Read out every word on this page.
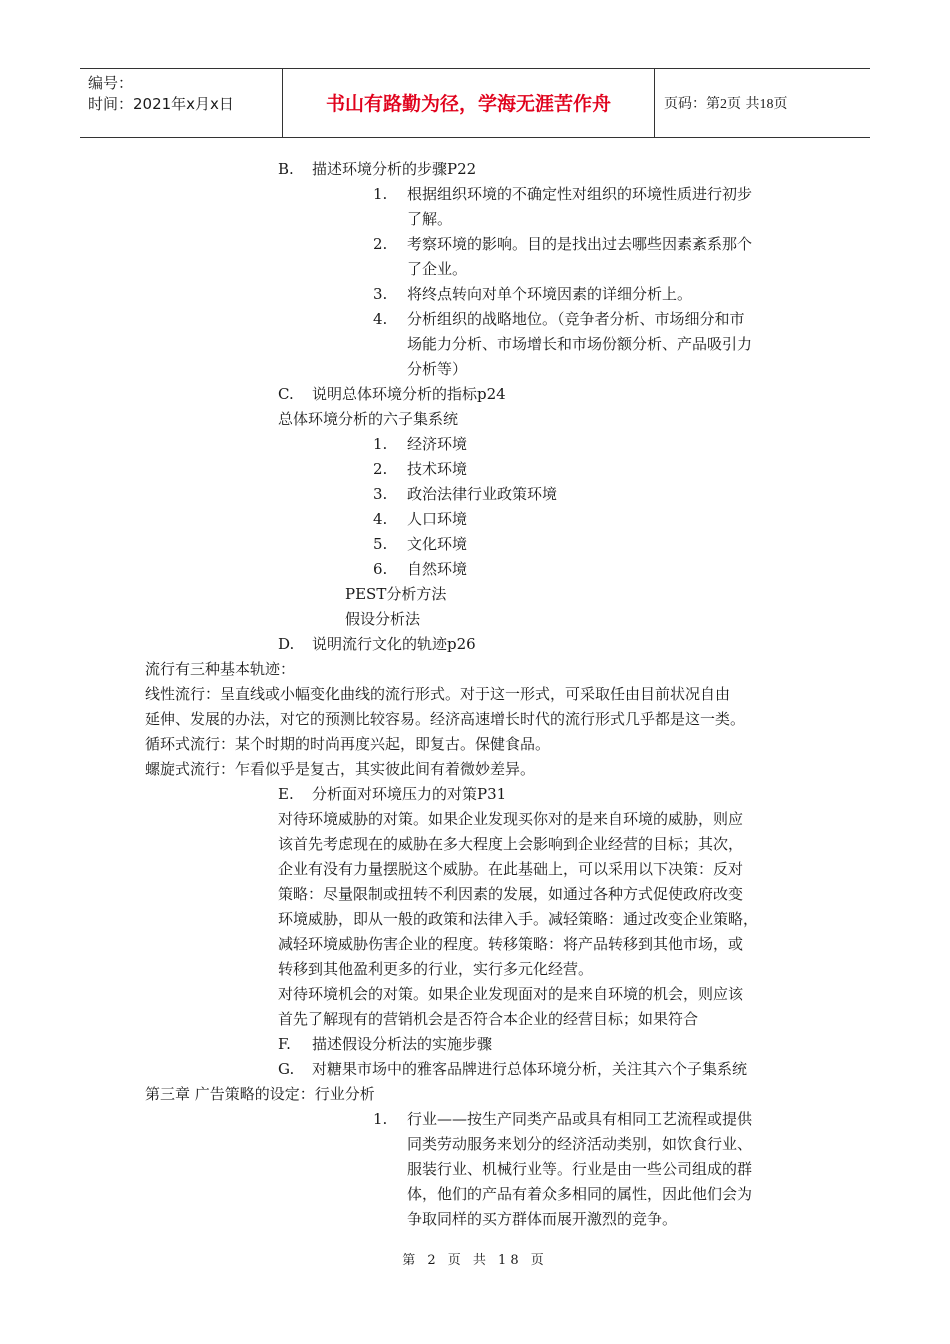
编号：
时间：2021年x月x日	书山有路勤为径，学海无涯苦作舟	页码：第2页 共18页
B. 描述环境分析的步骤P22
1. 根据组织环境的不确定性对组织的环境性质进行初步
了解。
2. 考察环境的影响。目的是找出过去哪些因素紊系那个
了企业。
3. 将终点转向对单个环境因素的详细分析上。
4. 分析组织的战略地位。（竞争者分析、市场细分和市
场能力分析、市场增长和市场份额分析、产品吸引力
分析等）
C. 说明总体环境分析的指标p24
总体环境分析的六子集系统
1. 经济环境
2. 技术环境
3. 政治法律行业政策环境
4. 人口环境
5. 文化环境
6. 自然环境
PEST分析方法
假设分析法
D. 说明流行文化的轨迹p26
流行有三种基本轨迹：
线性流行：呈直线或小幅变化曲线的流行形式。对于这一形式，可采取任由目前状况自由
延伸、发展的办法，对它的预测比较容易。经济高速增长时代的流行形式几乎都是这一类。
循环式流行：某个时期的时尚再度兴起，即复古。保健食品。
螺旋式流行：乍看似乎是复古，其实彼此间有着微妙差异。
E. 分析面对环境压力的对策P31
对待环境威胁的对策。如果企业发现买你对的是来自环境的威胁，则应
该首先考虑现在的威胁在多大程度上会影响到企业经营的目标；其次，
企业有没有力量摆脱这个威胁。在此基础上，可以采用以下决策：反对
策略：尽量限制或扭转不利因素的发展，如通过各种方式促使政府改变
环境威胁，即从一般的政策和法律入手。减轻策略：通过改变企业策略，
减轻环境威胁伤害企业的程度。转移策略：将产品转移到其他市场，或
转移到其他盈利更多的行业，实行多元化经营。
对待环境机会的对策。如果企业发现面对的是来自环境的机会，则应该
首先了解现有的营销机会是否符合本企业的经营目标；如果符合
F. 描述假设分析法的实施步骤
G. 对糖果市场中的雅客品牌进行总体环境分析，关注其六个子集系统
第三章 广告策略的设定：行业分析
1. 行业——按生产同类产品或具有相同工艺流程或提供
同类劳动服务来划分的经济活动类别，如饮食行业、
服装行业、机械行业等。行业是由一些公司组成的群
体，他们的产品有着众多相同的属性，因此他们会为
争取同样的买方群体而展开激烈的竞争。
第 2 页 共 18 页
